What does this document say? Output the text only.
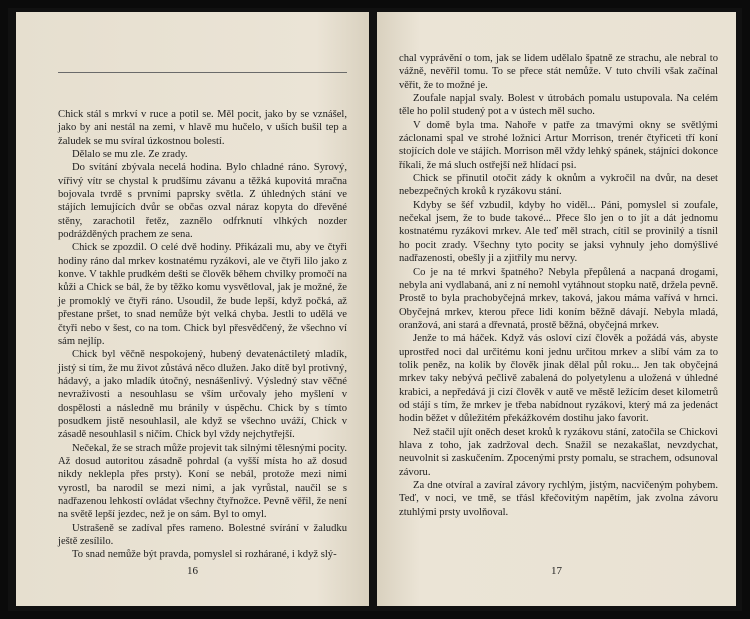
Chick stál s mrkví v ruce a potil se. Měl pocit, jako by se vznášel, jako by ani nestál na zemi, v hlavě mu hučelo, v uších bušil tep a žaludek se mu svíral úzkostnou bolestí.

Dělalo se mu zle. Ze zrady.

Do svítání zbývala necelá hodina. Bylo chladné ráno. Syrový, vířivý vítr se chystal k prudšímu závanu a těžká kupovitá mračna bojovala tvrdě s prvními paprsky světla. Z úhledných stání ve stájích lemujících dvůr se občas ozval náraz kopyta do dřevěné stěny, zarachotil řetěz, zaznělo odfrknutí vlhkých nozder podrážděných prachem ze sena.

Chick se zpozdil. O celé dvě hodiny. Přikázali mu, aby ve čtyři hodiny ráno dal mrkev kostnatému ryzákovi, ale ve čtyři lilo jako z konve. V takhle prudkém dešti se člověk během chvilky promočí na kůži a Chick se bál, že by těžko komu vysvětloval, jak je možné, že je promoklý ve čtyři ráno. Usoudil, že bude lepší, když počká, až přestane pršet, to snad nemůže být velká chyba. Jestli to udělá ve čtyři nebo v šest, co na tom. Chick byl přesvědčený, že všechno ví sám nejlíp.

Chick byl věčně nespokojený, hubený devatenáctiletý mladík, jistý si tím, že mu život zůstává něco dlužen. Jako dítě byl protivný, hádavý, a jako mladík útočný, nesnášenlivý. Výsledný stav věčné nevraživosti a nesouhlasu se vším určovaly jeho myšlení v dospělosti a následně mu bránily v úspěchu. Chick by s tímto posudkem jistě nesouhlasil, ale když se všechno uváží, Chick v zásadě nesouhlasil s ničím. Chick byl vždy nejchytřejší.

Nečekal, že se strach může projevit tak silnými tělesnými pocity. Až dosud autoritou zásadně pohrdal (a vyšší místa ho až dosud nikdy neklepla přes prsty). Koní se nebál, protože mezi nimi vyrostl, ba narodil se mezi nimi, a jak vyrůstal, naučil se s nadřazenou lehkostí ovládat všechny čtyřnožce. Pevně věřil, že není na světě lepší jezdec, než je on sám. Byl to omyl.

Ustrašeně se zadíval přes rameno. Bolestné svírání v žaludku ještě zesílilo.

To snad nemůže být pravda, pomyslel si rozhárané, i když slý-

16

chal vyprávění o tom, jak se lidem udělalo špatně ze strachu, ale nebral to vážně, nevěřil tomu. To se přece stát nemůže. V tuto chvíli však začínal věřit, že to možné je.

Zoufale napjal svaly. Bolest v útrobách pomalu ustupovala. Na celém těle ho polil studený pot a v ústech měl sucho.

V domě byla tma. Nahoře v patře za tmavými okny se světlými záclonami spal ve strohé ložnici Artur Morrison, trenér čtyřiceti tří koní stojících dole ve stájích. Morrison měl vždy lehký spánek, stájníci dokonce říkali, že má sluch ostřejší než hlídací psi.

Chick se přinutil otočit zády k oknům a vykročil na dvůr, na deset nebezpečných kroků k ryzákovu stání.

Kdyby se šéf vzbudil, kdyby ho viděl... Páni, pomyslel si zoufale, nečekal jsem, že to bude takové... Přece šlo jen o to jít a dát jednomu kostnatému ryzákovi mrkev. Ale teď měl strach, cítil se provinilý a tísnil ho pocit zrady. Všechny tyto pocity se jaksi vyhnuly jeho domýšlivé nadřazenosti, obešly ji a zjitřily mu nervy.

Co je na té mrkvi špatného? Nebyla přepůlená a nacpaná drogami, nebyla ani vydlabaná, ani z ní nemohl vytáhnout stopku natě, držela pevně. Prostě to byla prachobyčejná mrkev, taková, jakou máma vařívá v hrnci. Obyčejná mrkev, kterou přece lidi koním běžně dávají. Nebyla mladá, oranžová, ani stará a dřevnatá, prostě běžná, obyčejná mrkev.

Jenže to má háček. Když vás osloví cizí člověk a požádá vás, abyste uprostřed noci dal určitému koni jednu určitou mrkev a slíbí vám za to tolik peněz, na kolik by člověk jinak dělal půl roku... Jen tak obyčejná mrkev taky nebývá pečlivě zabalená do polyetylenu a uložená v úhledné krabici, a nepředává ji cizí člověk v autě ve městě ležícím deset kilometrů od stájí s tím, že mrkev je třeba nabídnout ryzákovi, který má za jedenáct hodin běžet v důležitém překážkovém dostihu jako favorit.

Než stačil ujít oněch deset kroků k ryzákovu stání, zatočila se Chickovi hlava z toho, jak zadržoval dech. Snažil se nezakašlat, nevzdychat, neuvolnit si zaskučením. Zpocenými prsty pomalu, se strachem, odsunoval závoru.

Za dne otvíral a zavíral závory rychlým, jistým, nacvičeným pohybem. Teď, v noci, ve tmě, se třásl křečovitým napětím, jak zvolna závoru ztuhlými prsty uvolňoval.

17
